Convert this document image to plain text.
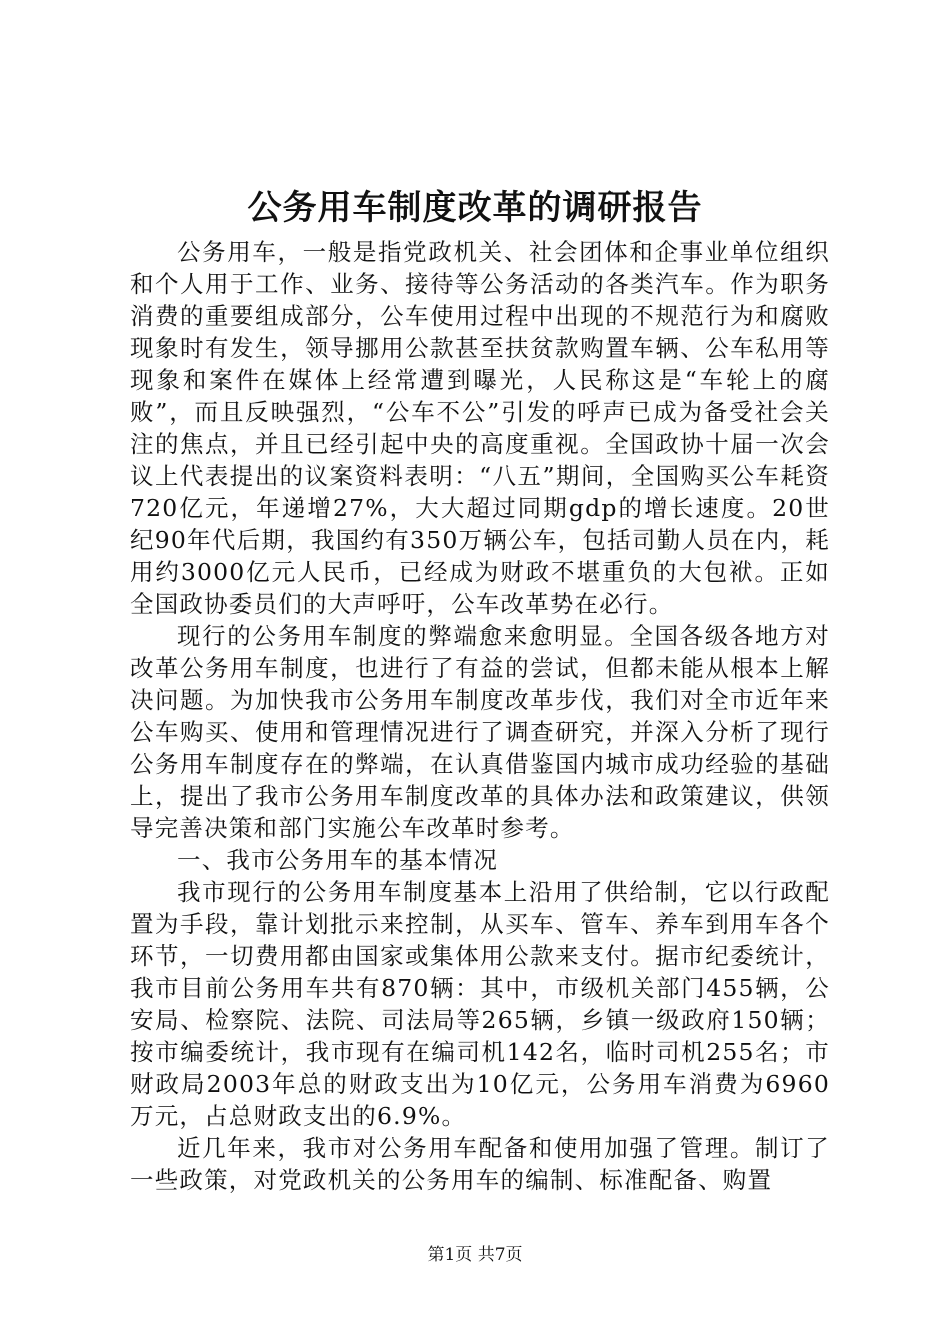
公务用车制度改革的调研报告

公务用车，一般是指党政机关、社会团体和企事业单位组织和个人用于工作、业务、接待等公务活动的各类汽车。作为职务消费的重要组成部分，公车使用过程中出现的不规范行为和腐败现象时有发生，领导挪用公款甚至扶贫款购置车辆、公车私用等现象和案件在媒体上经常遭到曝光，人民称这是“车轮上的腐败”，而且反映强烈，“公车不公”引发的呼声已成为备受社会关注的焦点，并且已经引起中央的高度重视。全国政协十届一次会议上代表提出的议案资料表明：“八五”期间，全国购买公车耗资720亿元，年递增27%，大大超过同期gdp的增长速度。20世纪90年代后期，我国约有350万辆公车，包括司勤人员在内，耗用约3000亿元人民币，已经成为财政不堪重负的大包袱。正如全国政协委员们的大声呼吁，公车改革势在必行。

现行的公务用车制度的弊端愈来愈明显。全国各级各地方对改革公务用车制度，也进行了有益的尝试，但都未能从根本上解决问题。为加快我市公务用车制度改革步伐，我们对全市近年来公车购买、使用和管理情况进行了调查研究，并深入分析了现行公务用车制度存在的弊端，在认真借鉴国内城市成功经验的基础上，提出了我市公务用车制度改革的具体办法和政策建议，供领导完善决策和部门实施公车改革时参考。

一、我市公务用车的基本情况

我市现行的公务用车制度基本上沿用了供给制，它以行政配置为手段，靠计划批示来控制，从买车、管车、养车到用车各个环节，一切费用都由国家或集体用公款来支付。据市纪委统计，我市目前公务用车共有870辆：其中，市级机关部门455辆，公安局、检察院、法院、司法局等265辆，乡镇一级政府150辆；按市编委统计，我市现有在编司机142名，临时司机255名；市财政局2003年总的财政支出为10亿元，公务用车消费为6960万元，占总财政支出的6.9%。

近几年来，我市对公务用车配备和使用加强了管理。制订了一些政策，对党政机关的公务用车的编制、标准配备、购置

第1页 共7页
